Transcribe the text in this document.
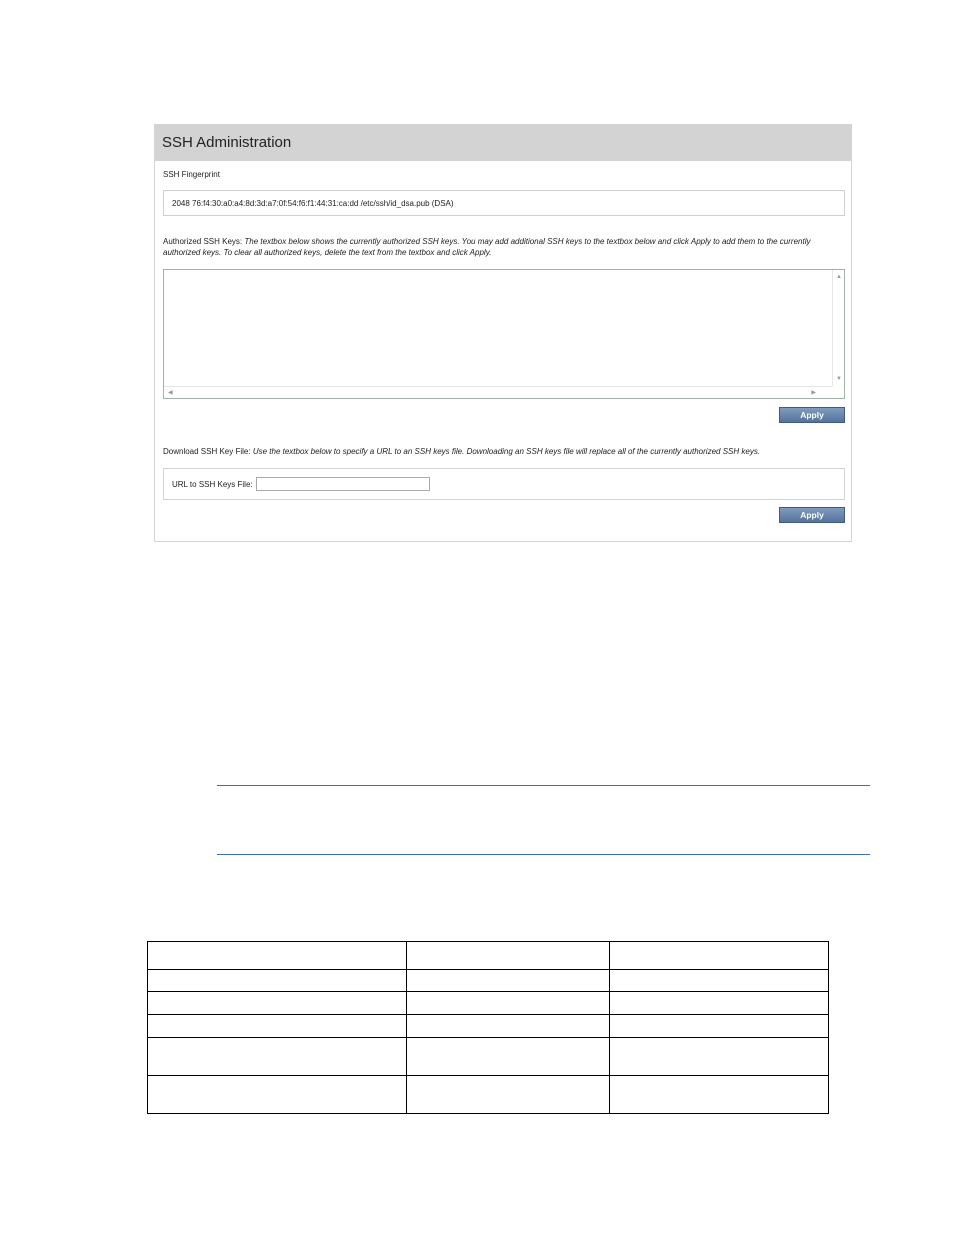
SSH Administration
SSH Fingerprint
2048 76:f4:30:a0:a4:8d:3d:a7:0f:54:f6:f1:44:31:ca:dd /etc/ssh/id_dsa.pub (DSA)
Authorized SSH Keys: The textbox below shows the currently authorized SSH keys. You may add additional SSH keys to the textbox below and click Apply to add them to the currently authorized keys. To clear all authorized keys, delete the text from the textbox and click Apply.
▲
▼
◀	▶
Apply
Download SSH Key File: Use the textbox below to specify a URL to an SSH keys file. Downloading an SSH keys file will replace all of the currently authorized SSH keys.
URL to SSH Keys File:
Apply
